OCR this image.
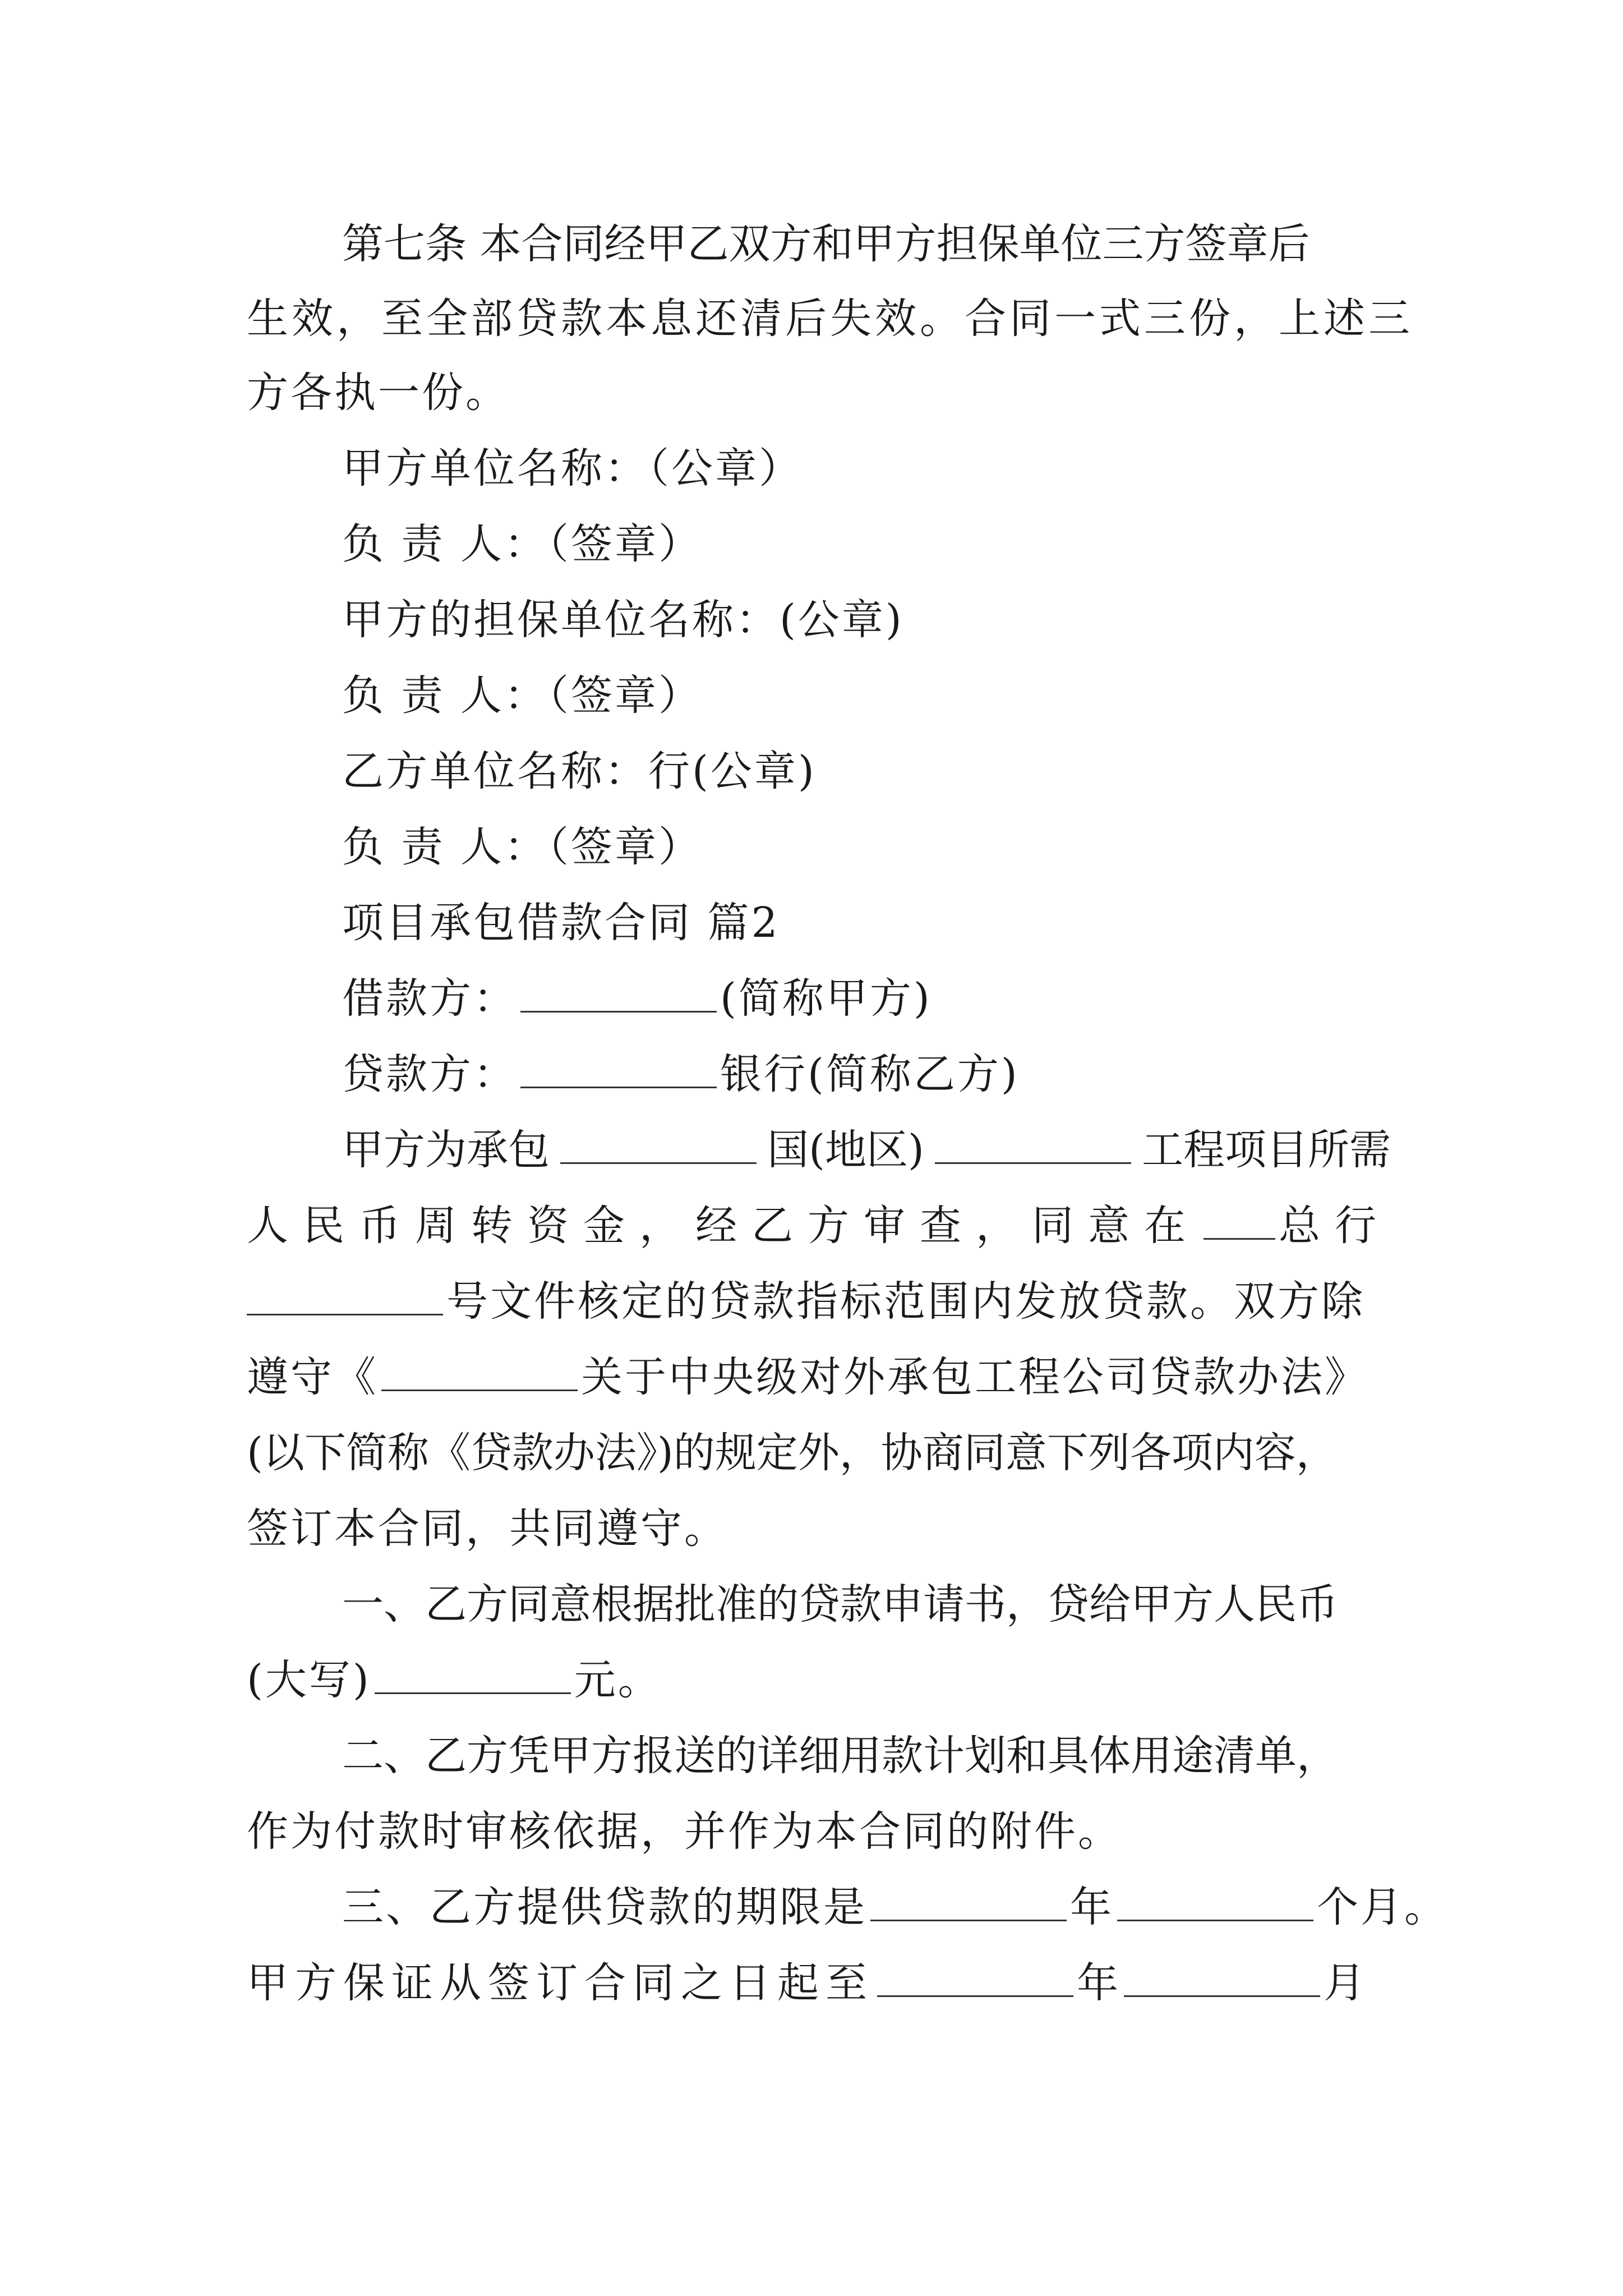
第七条 本合同经甲乙双方和甲方担保单位三方签章后
生效，至全部贷款本息还清后失效。合同一式三份，上述三
方各执一份。
甲方单位名称：（公章）
负 责 人：（签章）
甲方的担保单位名称：(公章)
负 责 人：（签章）
乙方单位名称：行(公章)
负 责 人：（签章）
项目承包借款合同 篇2
借款方：	(简称甲方)
贷款方：	银行(简称乙方)
甲方为承包	国(地区)	工程项目所需
人民币周转资金，经乙方审查，同意在 总行
号文件核定的贷款指标范围内发放贷款。双方除
遵守《	关于中央级对外承包工程公司贷款办法》
(以下简称《贷款办法》)的规定外，协商同意下列各项内容，
签订本合同，共同遵守。
一、乙方同意根据批准的贷款申请书，贷给甲方人民币
(大写)	元。
二、乙方凭甲方报送的详细用款计划和具体用途清单，
作为付款时审核依据，并作为本合同的附件。
三、乙方提供贷款的期限是	年	个月。
甲方保证从签订合同之日起至	年	月
